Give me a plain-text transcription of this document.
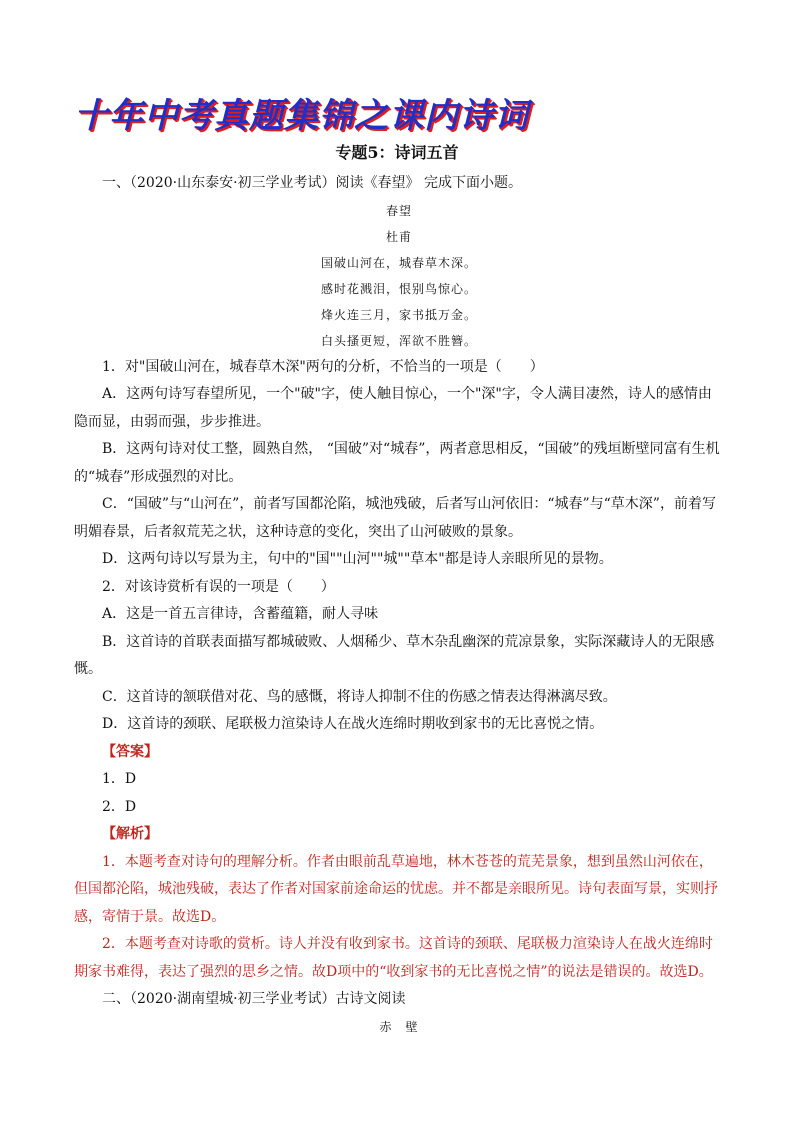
十年中考真题集锦之课内诗词
专题5：诗词五首

一、（2020·山东泰安·初三学业考试）阅读《春望》 完成下面小题。

春望

杜甫

国破山河在，城春草木深。

感时花溅泪，恨别鸟惊心。

烽火连三月，家书抵万金。

白头搔更短，浑欲不胜簪。

1．对"国破山河在，城春草木深"两句的分析，不恰当的一项是（　　）

A．这两句诗写春望所见，一个"破"字，使人触目惊心，一个"深"字，令人满目凄然，诗人的感情由隐而显，由弱而强，步步推进。

B．这两句诗对仗工整，圆熟自然， “国破”对“城春”，两者意思相反，“国破”的残垣断壁同富有生机的“城春”形成强烈的对比。

C．“国破”与“山河在”，前者写国都沦陷，城池残破，后者写山河依旧：“城春”与“草木深”，前着写明媚春景，后者叙荒芜之状，这种诗意的变化，突出了山河破败的景象。

D．这两句诗以写景为主，句中的"国""山河""城""草本"都是诗人亲眼所见的景物。

2．对该诗赏析有误的一项是（　　）

A．这是一首五言律诗，含蓄蕴籍，耐人寻味

B．这首诗的首联表面描写都城破败、人烟稀少、草木杂乱幽深的荒凉景象，实际深藏诗人的无限感慨。

C．这首诗的颔联借对花、鸟的感慨，将诗人抑制不住的伤感之情表达得淋漓尽致。

D．这首诗的颈联、尾联极力渲染诗人在战火连绵时期收到家书的无比喜悦之情。

【答案】

1．D

2．D

【解析】

1．本题考查对诗句的理解分析。作者由眼前乱草遍地，林木苍苍的荒芜景象，想到虽然山河依在，但国都沦陷，城池残破，表达了作者对国家前途命运的忧虑。并不都是亲眼所见。诗句表面写景，实则抒感，寄情于景。故选D。

2．本题考查对诗歌的赏析。诗人并没有收到家书。这首诗的颈联、尾联极力渲染诗人在战火连绵时期家书难得，表达了强烈的思乡之情。故D项中的“收到家书的无比喜悦之情”的说法是错误的。故选D。

二、（2020·湖南望城·初三学业考试）古诗文阅读

赤　壁
